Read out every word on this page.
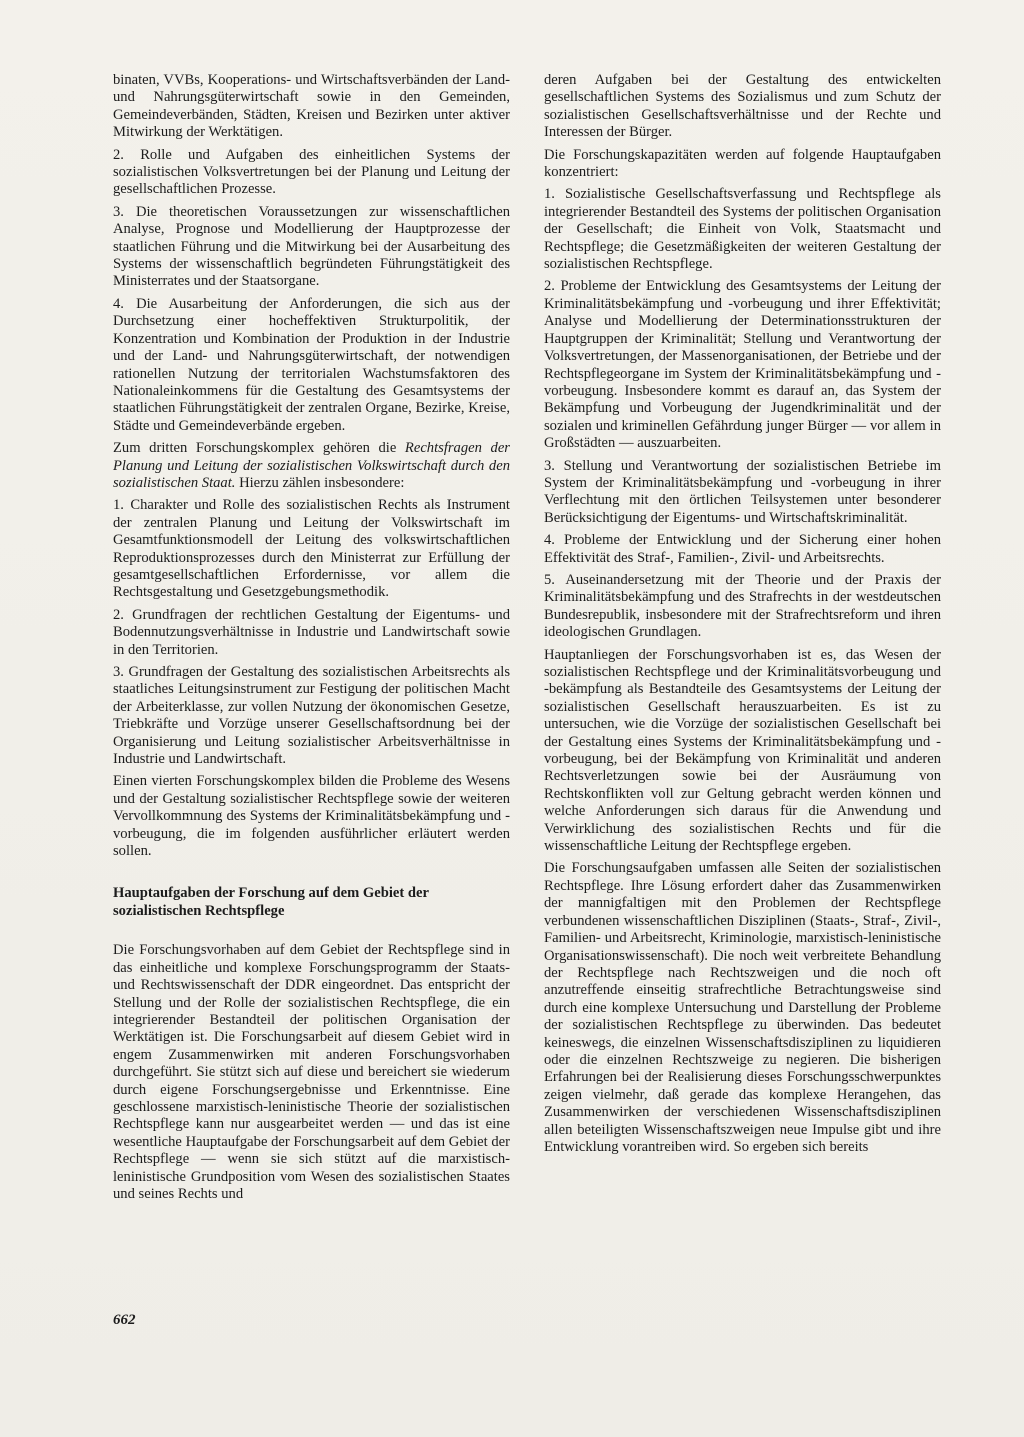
binaten, VVBs, Kooperations- und Wirtschaftsverbänden der Land- und Nahrungsgüterwirtschaft sowie in den Gemeinden, Gemeindeverbänden, Städten, Kreisen und Bezirken unter aktiver Mitwirkung der Werktätigen.

2. Rolle und Aufgaben des einheitlichen Systems der sozialistischen Volksvertretungen bei der Planung und Leitung der gesellschaftlichen Prozesse.

3. Die theoretischen Voraussetzungen zur wissenschaftlichen Analyse, Prognose und Modellierung der Hauptprozesse der staatlichen Führung und die Mitwirkung bei der Ausarbeitung des Systems der wissenschaftlich begründeten Führungstätigkeit des Ministerrates und der Staatsorgane.

4. Die Ausarbeitung der Anforderungen, die sich aus der Durchsetzung einer hocheffektiven Strukturpolitik, der Konzentration und Kombination der Produktion in der Industrie und der Land- und Nahrungsgüterwirtschaft, der notwendigen rationellen Nutzung der territorialen Wachstumsfaktoren des Nationaleinkommens für die Gestaltung des Gesamtsystems der staatlichen Führungstätigkeit der zentralen Organe, Bezirke, Kreise, Städte und Gemeindeverbände ergeben.

Zum dritten Forschungskomplex gehören die Rechtsfragen der Planung und Leitung der sozialistischen Volkswirtschaft durch den sozialistischen Staat. Hierzu zählen insbesondere:

1. Charakter und Rolle des sozialistischen Rechts als Instrument der zentralen Planung und Leitung der Volkswirtschaft im Gesamtfunktionsmodell der Leitung des volkswirtschaftlichen Reproduktionsprozesses durch den Ministerrat zur Erfüllung der gesamtgesellschaftlichen Erfordernisse, vor allem die Rechtsgestaltung und Gesetzgebungsmethodik.

2. Grundfragen der rechtlichen Gestaltung der Eigentums- und Bodennutzungsverhältnisse in Industrie und Landwirtschaft sowie in den Territorien.

3. Grundfragen der Gestaltung des sozialistischen Arbeitsrechts als staatliches Leitungsinstrument zur Festigung der politischen Macht der Arbeiterklasse, zur vollen Nutzung der ökonomischen Gesetze, Triebkräfte und Vorzüge unserer Gesellschaftsordnung bei der Organisierung und Leitung sozialistischer Arbeitsverhältnisse in Industrie und Landwirtschaft.

Einen vierten Forschungskomplex bilden die Probleme des Wesens und der Gestaltung sozialistischer Rechtspflege sowie der weiteren Vervollkommnung des Systems der Kriminalitätsbekämpfung und -vorbeugung, die im folgenden ausführlicher erläutert werden sollen.

Hauptaufgaben der Forschung auf dem Gebiet der sozialistischen Rechtspflege

Die Forschungsvorhaben auf dem Gebiet der Rechtspflege sind in das einheitliche und komplexe Forschungsprogramm der Staats- und Rechtswissenschaft der DDR eingeordnet. Das entspricht der Stellung und der Rolle der sozialistischen Rechtspflege, die ein integrierender Bestandteil der politischen Organisation der Werktätigen ist. Die Forschungsarbeit auf diesem Gebiet wird in engem Zusammenwirken mit anderen Forschungsvorhaben durchgeführt. Sie stützt sich auf diese und bereichert sie wiederum durch eigene Forschungsergebnisse und Erkenntnisse. Eine geschlossene marxistisch-leninistische Theorie der sozialistischen Rechtspflege kann nur ausgearbeitet werden — und das ist eine wesentliche Hauptaufgabe der Forschungsarbeit auf dem Gebiet der Rechtspflege — wenn sie sich stützt auf die marxistisch-leninistische Grundposition vom Wesen des sozialistischen Staates und seines Rechts und

deren Aufgaben bei der Gestaltung des entwickelten gesellschaftlichen Systems des Sozialismus und zum Schutz der sozialistischen Gesellschaftsverhältnisse und der Rechte und Interessen der Bürger.

Die Forschungskapazitäten werden auf folgende Hauptaufgaben konzentriert:

1. Sozialistische Gesellschaftsverfassung und Rechtspflege als integrierender Bestandteil des Systems der politischen Organisation der Gesellschaft; die Einheit von Volk, Staatsmacht und Rechtspflege; die Gesetzmäßigkeiten der weiteren Gestaltung der sozialistischen Rechtspflege.

2. Probleme der Entwicklung des Gesamtsystems der Leitung der Kriminalitätsbekämpfung und -vorbeugung und ihrer Effektivität; Analyse und Modellierung der Determinationsstrukturen der Hauptgruppen der Kriminalität; Stellung und Verantwortung der Volksvertretungen, der Massenorganisationen, der Betriebe und der Rechtspflegeorgane im System der Kriminalitätsbekämpfung und -vorbeugung. Insbesondere kommt es darauf an, das System der Bekämpfung und Vorbeugung der Jugendkriminalität und der sozialen und kriminellen Gefährdung junger Bürger — vor allem in Großstädten — auszuarbeiten.

3. Stellung und Verantwortung der sozialistischen Betriebe im System der Kriminalitätsbekämpfung und -vorbeugung in ihrer Verflechtung mit den örtlichen Teilsystemen unter besonderer Berücksichtigung der Eigentums- und Wirtschaftskriminalität.

4. Probleme der Entwicklung und der Sicherung einer hohen Effektivität des Straf-, Familien-, Zivil- und Arbeitsrechts.

5. Auseinandersetzung mit der Theorie und der Praxis der Kriminalitätsbekämpfung und des Strafrechts in der westdeutschen Bundesrepublik, insbesondere mit der Strafrechtsreform und ihren ideologischen Grundlagen.

Hauptanliegen der Forschungsvorhaben ist es, das Wesen der sozialistischen Rechtspflege und der Kriminalitätsvorbeugung und -bekämpfung als Bestandteile des Gesamtsystems der Leitung der sozialistischen Gesellschaft herauszuarbeiten. Es ist zu untersuchen, wie die Vorzüge der sozialistischen Gesellschaft bei der Gestaltung eines Systems der Kriminalitätsbekämpfung und -vorbeugung, bei der Bekämpfung von Kriminalität und anderen Rechtsverletzungen sowie bei der Ausräumung von Rechtskonflikten voll zur Geltung gebracht werden können und welche Anforderungen sich daraus für die Anwendung und Verwirklichung des sozialistischen Rechts und für die wissenschaftliche Leitung der Rechtspflege ergeben.

Die Forschungsaufgaben umfassen alle Seiten der sozialistischen Rechtspflege. Ihre Lösung erfordert daher das Zusammenwirken der mannigfaltigen mit den Problemen der Rechtspflege verbundenen wissenschaftlichen Disziplinen (Staats-, Straf-, Zivil-, Familien- und Arbeitsrecht, Kriminologie, marxistisch-leninistische Organisationswissenschaft). Die noch weit verbreitete Behandlung der Rechtspflege nach Rechtszweigen und die noch oft anzutreffende einseitig strafrechtliche Betrachtungsweise sind durch eine komplexe Untersuchung und Darstellung der Probleme der sozialistischen Rechtspflege zu überwinden. Das bedeutet keineswegs, die einzelnen Wissenschaftsdisziplinen zu liquidieren oder die einzelnen Rechtszweige zu negieren. Die bisherigen Erfahrungen bei der Realisierung dieses Forschungsschwerpunktes zeigen vielmehr, daß gerade das komplexe Herangehen, das Zusammenwirken der verschiedenen Wissenschaftsdisziplinen allen beteiligten Wissenschaftszweigen neue Impulse gibt und ihre Entwicklung vorantreiben wird. So ergeben sich bereits

662
